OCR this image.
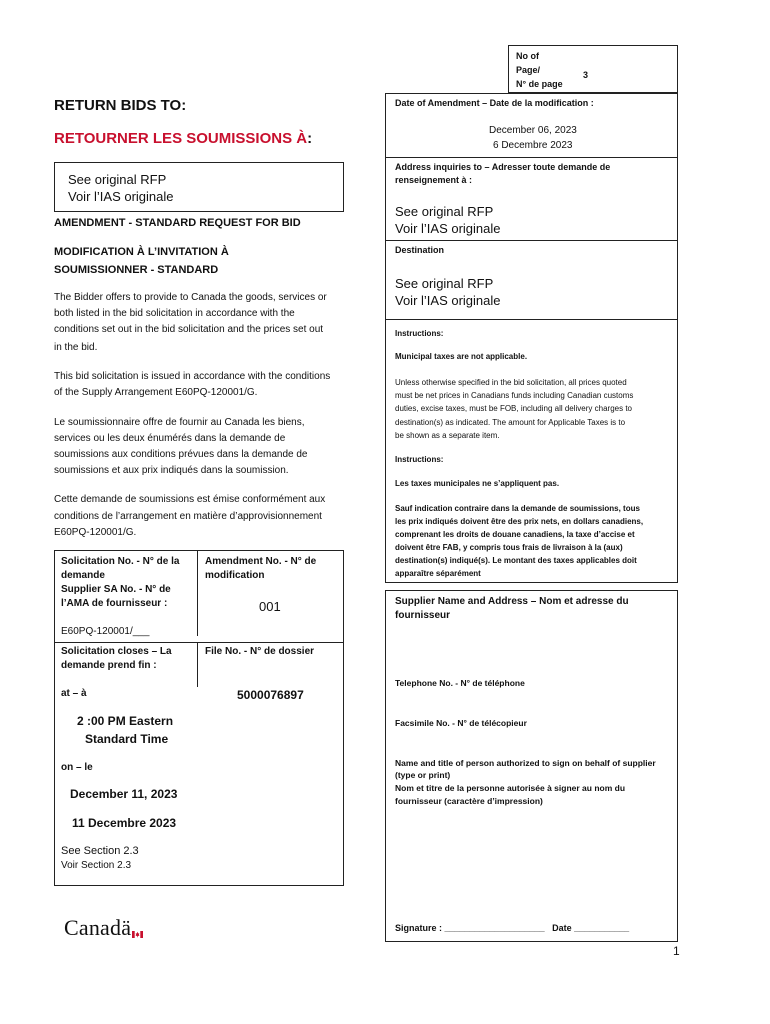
No of
Page/
N° de page
3
RETURN BIDS TO:
RETOURNER LES SOUMISSIONS À:
See original RFP
Voir l’IAS originale
AMENDMENT - STANDARD REQUEST FOR BID
MODIFICATION À L’INVITATION À
SOUMISSIONNER - STANDARD
The Bidder offers to provide to Canada the goods, services or
both listed in the bid solicitation in accordance with the
conditions set out in the bid solicitation and the prices set out
in the bid.
This bid solicitation is issued in accordance with the conditions
of the Supply Arrangement E60PQ-120001/G.
Le soumissionnaire offre de fournir au Canada les biens,
services ou les deux énumérés dans la demande de
soumissions aux conditions prévues dans la demande de
soumissions et aux prix indiqués dans la soumission.
Cette demande de soumissions est émise conformément aux
conditions de l’arrangement en matière d’approvisionnement
E60PQ-120001/G.
Solicitation No. - N° de la
demande
Supplier SA No. - N° de
l’AMA de fournisseur :
Amendment No. - N° de
modification
001
E60PQ-120001/___
Solicitation closes – La
demande prend fin :
File No. - N° de dossier
at – à	5000076897
2 :00 PM Eastern
Standard Time
on – le
December 11, 2023
11 Decembre 2023
See Section 2.3
Voir Section 2.3
Canadä
Date of Amendment – Date de la modification :
December 06, 2023
6 Decembre 2023
Address inquiries to – Adresser toute demande de
renseignement à :
See original RFP
Voir l’IAS originale
Destination
See original RFP
Voir l’IAS originale
Instructions:
Municipal taxes are not applicable.
Unless otherwise specified in the bid solicitation, all prices quoted
must be net prices in Canadians funds including Canadian customs
duties, excise taxes, must be FOB, including all delivery charges to
destination(s) as indicated. The amount for Applicable Taxes is to
be shown as a separate item.
Instructions:
Les taxes municipales ne s’appliquent pas.
Sauf indication contraire dans la demande de soumissions, tous
les prix indiqués doivent être des prix nets, en dollars canadiens,
comprenant les droits de douane canadiens, la taxe d’accise et
doivent être FAB, y compris tous frais de livraison à la (aux)
destination(s) indiqué(s). Le montant des taxes applicables doit
apparaître séparément
Supplier Name and Address – Nom et adresse du
fournisseur
Telephone No. - N° de téléphone
Facsimile No. - N° de télécopieur
Name and title of person authorized to sign on behalf of supplier
(type or print)
Nom et titre de la personne autorisée à signer au nom du
fournisseur (caractère d’impression)
Signature : ____________________   Date ___________
1
